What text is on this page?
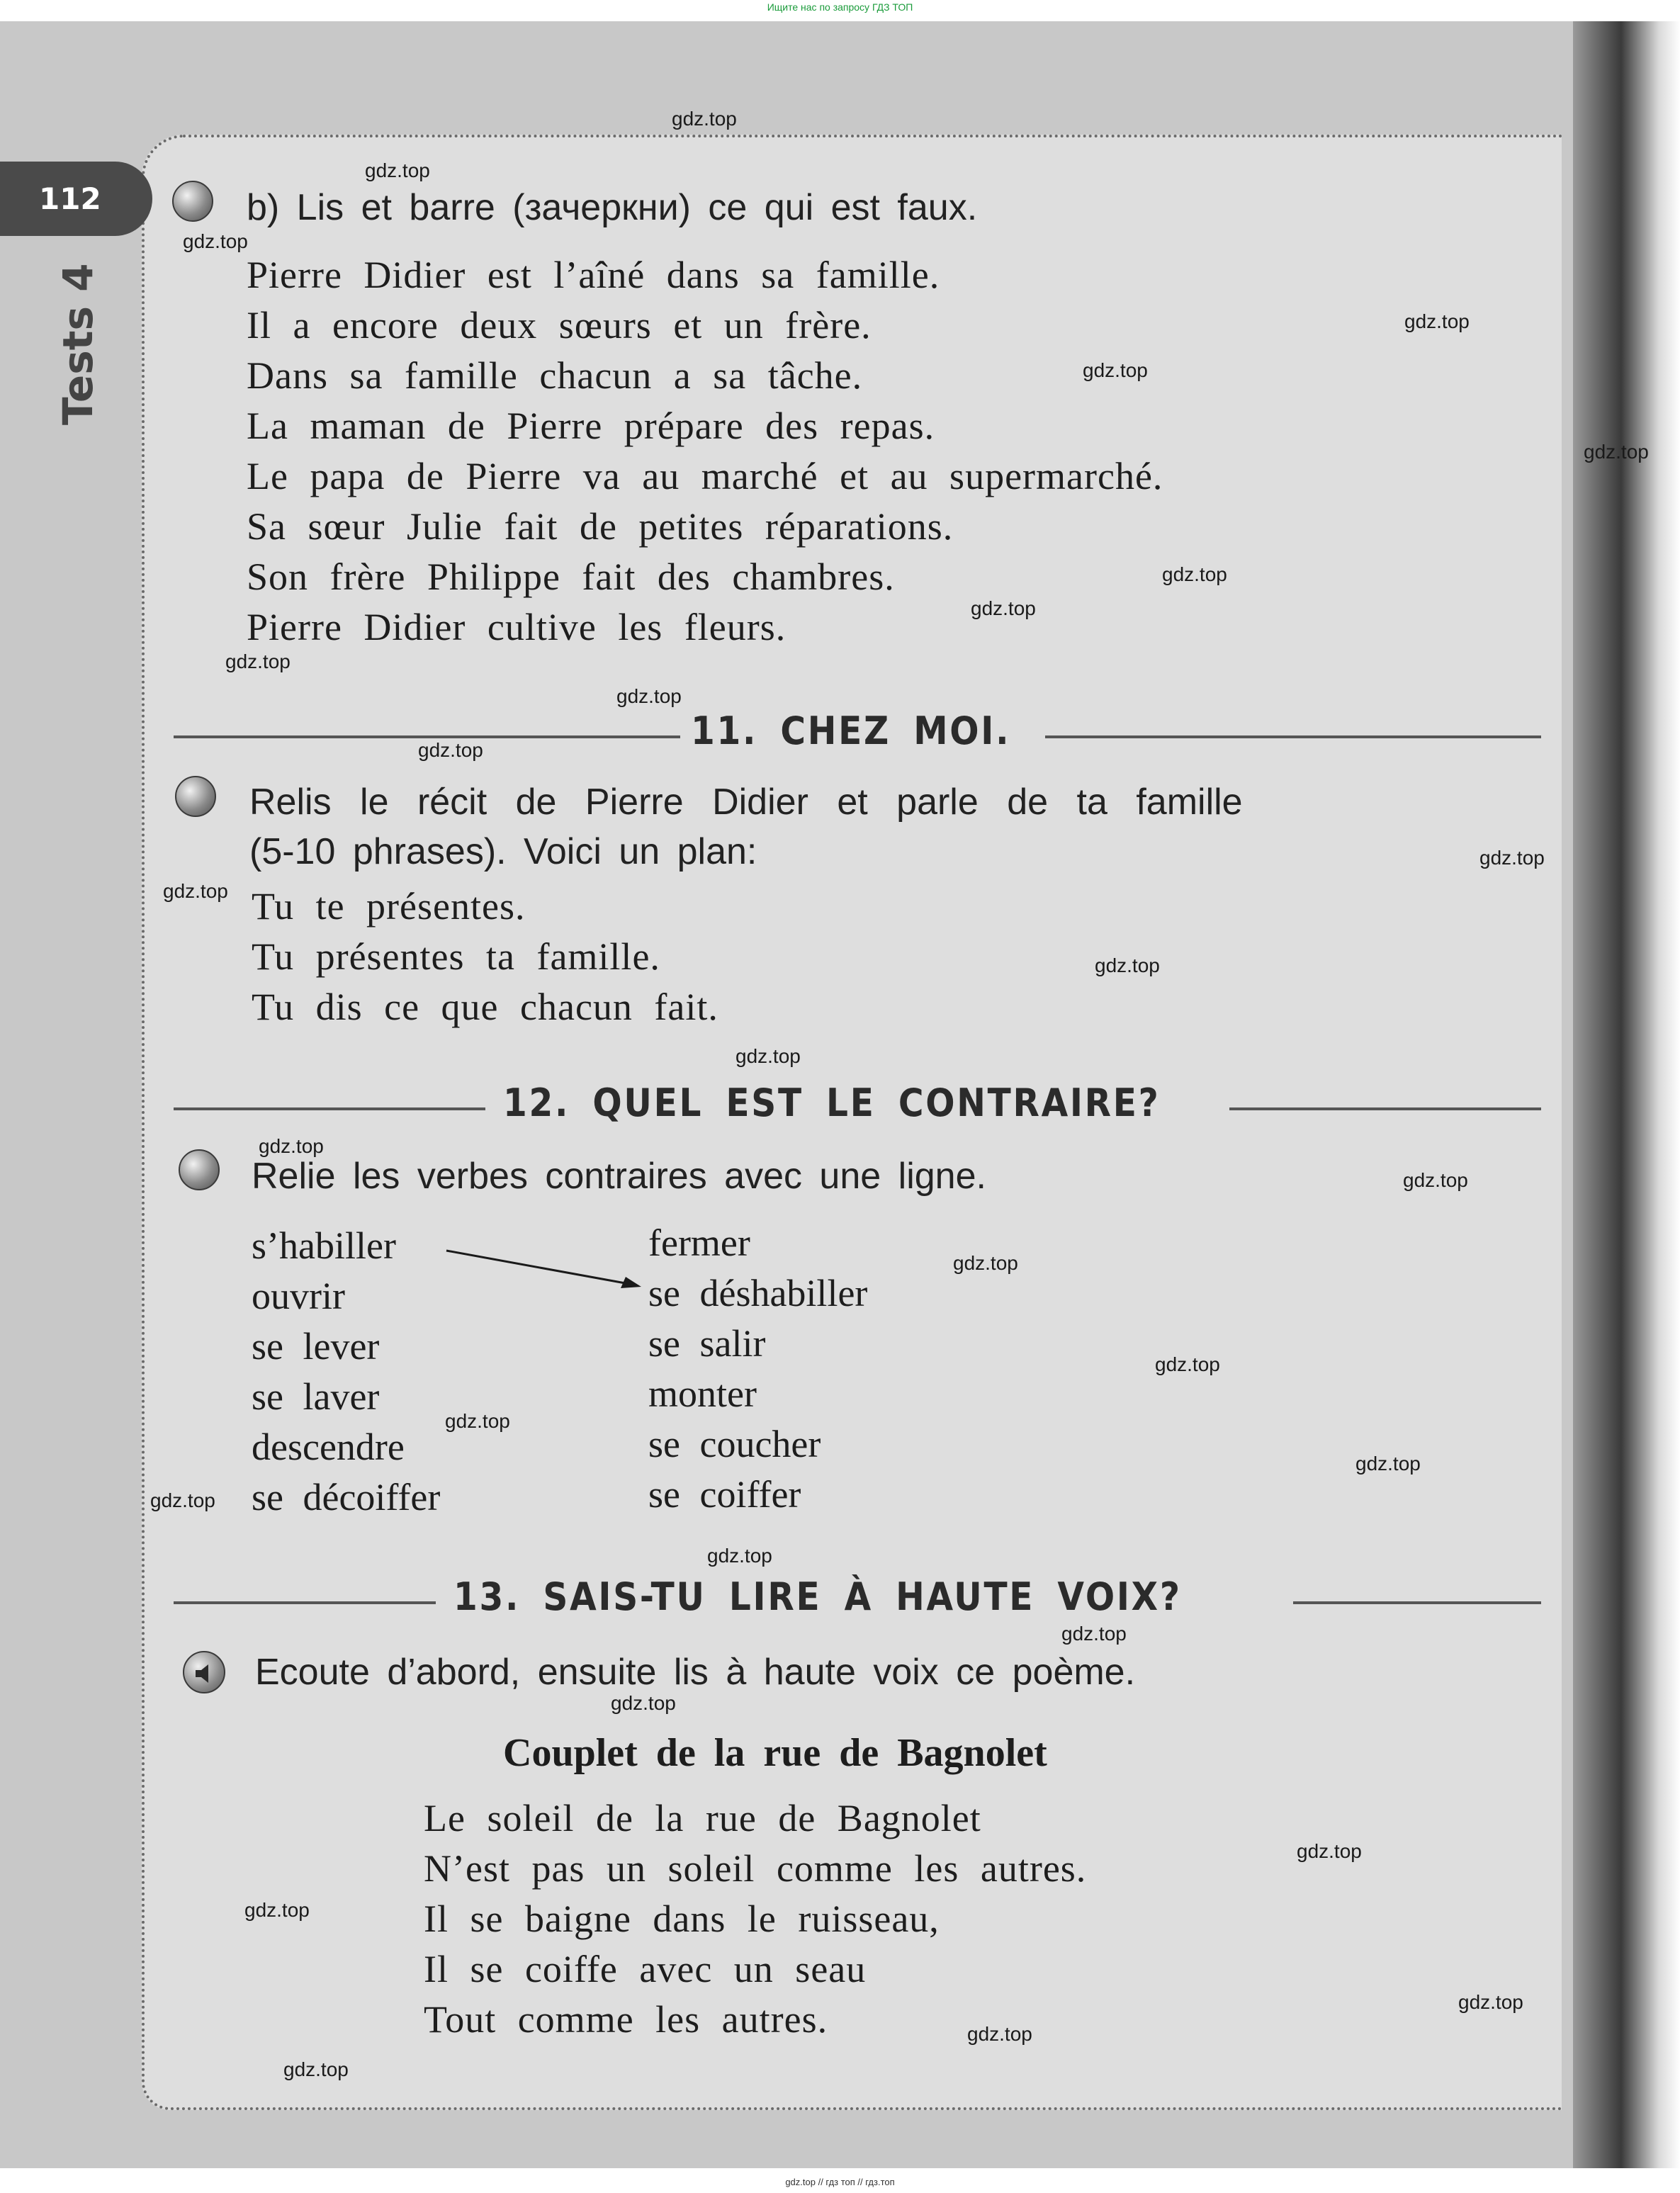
Ищите нас по запросу ГДЗ ТОП
112
Tests 4
b) Lis et barre (зачеркни) ce qui est faux.
Pierre Didier est l’aîné dans sa famille.
Il a encore deux sœurs et un frère.
Dans sa famille chacun a sa tâche.
La maman de Pierre prépare des repas.
Le papa de Pierre va au marché et au supermarché.
Sa sœur Julie fait de petites réparations.
Son frère Philippe fait des chambres.
Pierre Didier cultive les fleurs.
11. CHEZ MOI.
Relis le récit de Pierre Didier et parle de ta famille
(5-10 phrases). Voici un plan:
Tu te présentes.
Tu présentes ta famille.
Tu dis ce que chacun fait.
12. QUEL EST LE CONTRAIRE?
Relie les verbes contraires avec une ligne.
s’habiller
ouvrir
se lever
se laver
descendre
se décoiffer
fermer
se déshabiller
se salir
monter
se coucher
se coiffer
13. SAIS-TU LIRE À HAUTE VOIX?
Ecoute d’abord, ensuite lis à haute voix ce poème.
Couplet de la rue de Bagnolet
Le soleil de la rue de Bagnolet
N’est pas un soleil comme les autres.
Il se baigne dans le ruisseau,
Il se coiffe avec un seau
Tout comme les autres.
gdz.top
gdz.top
gdz.top
gdz.top
gdz.top
gdz.top
gdz.top
gdz.top
gdz.top
gdz.top
gdz.top
gdz.top
gdz.top
gdz.top
gdz.top
gdz.top
gdz.top
gdz.top
gdz.top
gdz.top
gdz.top
gdz.top
gdz.top
gdz.top
gdz.top
gdz.top
gdz.top
gdz.top
gdz.top
gdz.top
gdz.top // гдз топ // гдз.топ
